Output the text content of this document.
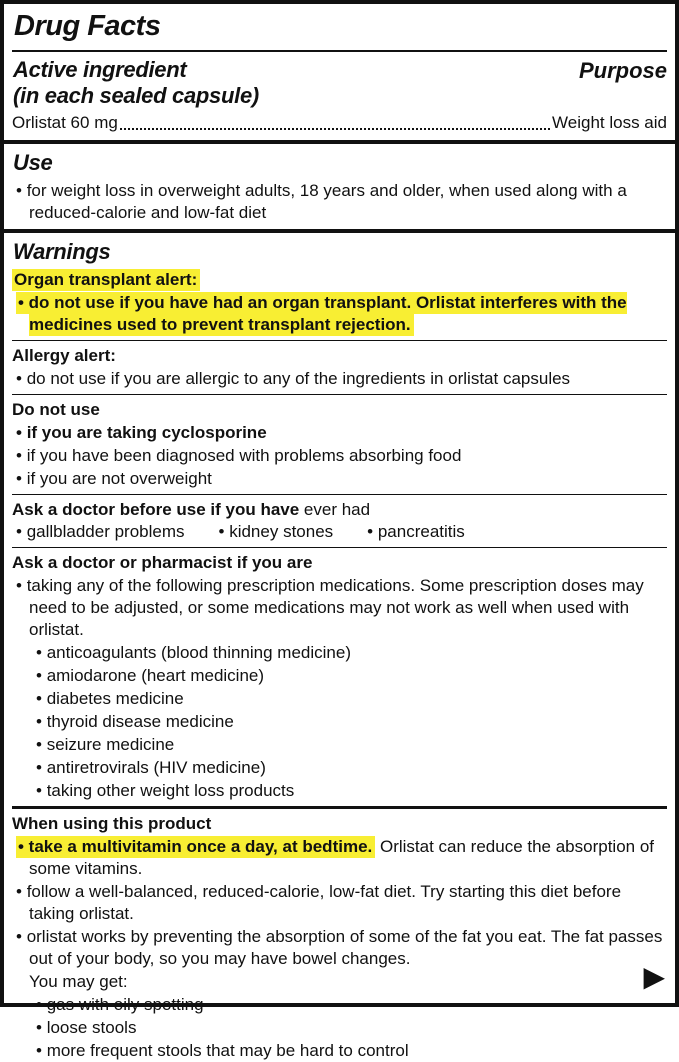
Drug Facts
Active ingredient
(in each sealed capsule)
Purpose
Orlistat 60 mg	Weight loss aid
Use
• for weight loss in overweight adults, 18 years and older, when used along with a reduced-calorie and low-fat diet
Warnings
Organ transplant alert:
• do not use if you have had an organ transplant. Orlistat interferes with the medicines used to prevent transplant rejection.
Allergy alert:
• do not use if you are allergic to any of the ingredients in orlistat capsules
Do not use
• if you are taking cyclosporine
• if you have been diagnosed with problems absorbing food
• if you are not overweight
Ask a doctor before use if you have ever had
• gallbladder problems	• kidney stones	• pancreatitis
Ask a doctor or pharmacist if you are
• taking any of the following prescription medications. Some prescription doses may need to be adjusted, or some medications may not work as well when used with orlistat.
• anticoagulants (blood thinning medicine)
• amiodarone (heart medicine)
• diabetes medicine
• thyroid disease medicine
• seizure medicine
• antiretrovirals (HIV medicine)
• taking other weight loss products
When using this product
• take a multivitamin once a day, at bedtime. Orlistat can reduce the absorption of some vitamins.
• follow a well-balanced, reduced-calorie, low-fat diet. Try starting this diet before taking orlistat.
• orlistat works by preventing the absorption of some of the fat you eat. The fat passes out of your body, so you may have bowel changes.
You may get:
• gas with oily spotting
• loose stools
• more frequent stools that may be hard to control
▶
